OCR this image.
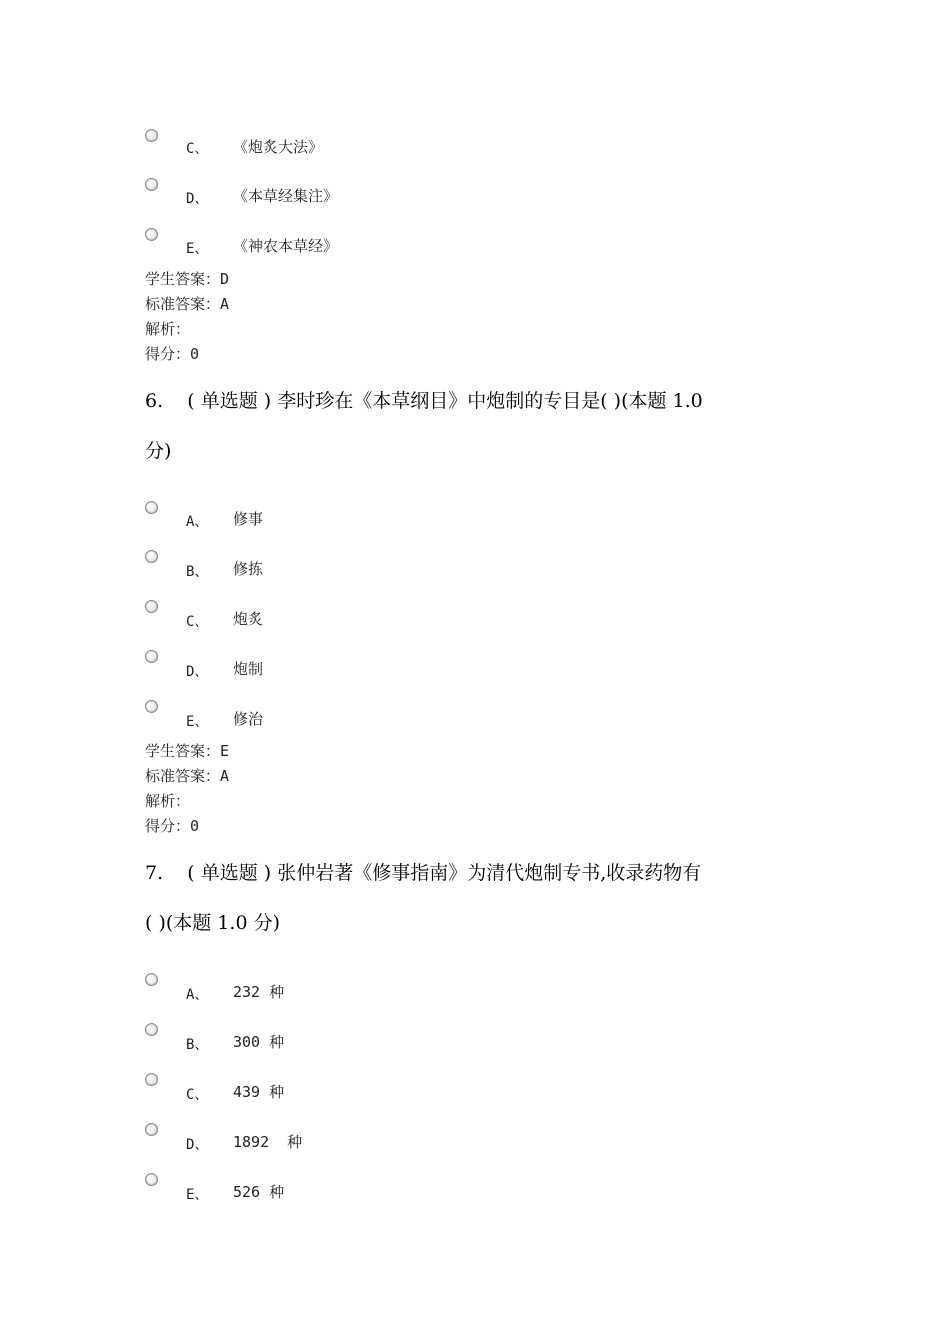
C、 《炮炙大法》
D、 《本草经集注》
E、 《神农本草经》
学生答案：D
标准答案：A
解析：
得分：0
6.    ( 单选题 ) 李时珍在《本草纲目》中炮制的专目是( )(本题 1.0
分)
A、 修事
B、 修拣
C、 炮炙
D、 炮制
E、 修治
学生答案：E
标准答案：A
解析：
得分：0
7.    ( 单选题 ) 张仲岩著《修事指南》为清代炮制专书,收录药物有
( )(本题 1.0 分)
A、 232 种
B、 300 种
C、 439 种
D、 1892  种
E、 526 种
